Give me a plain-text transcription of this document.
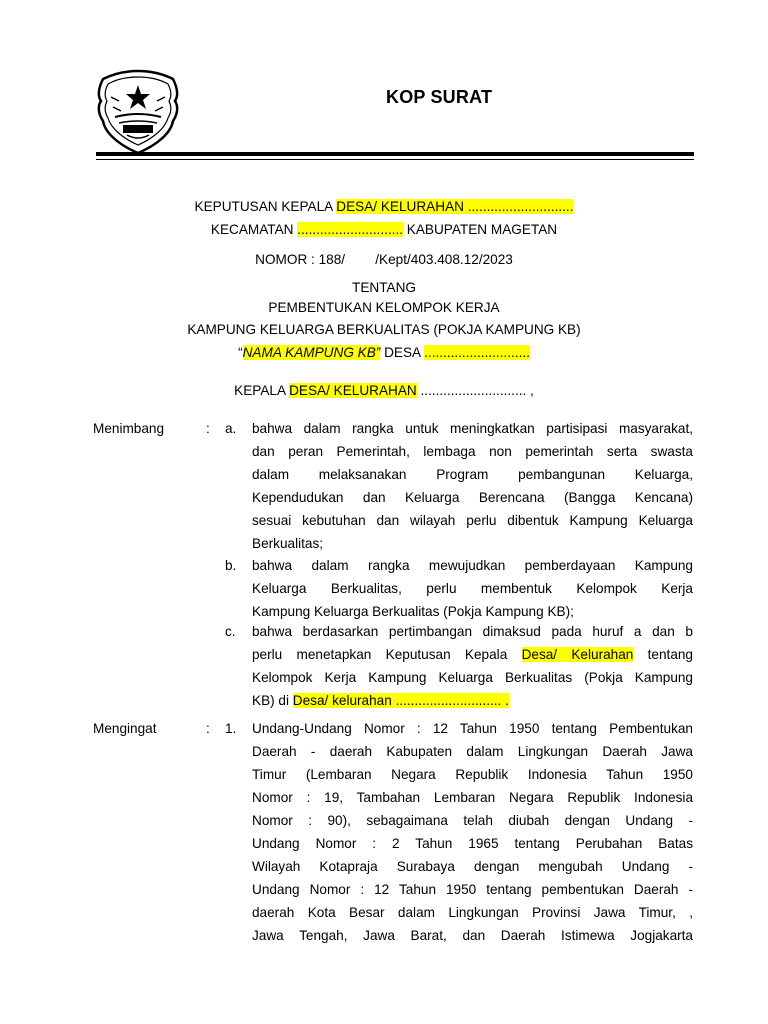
KOP SURAT
KEPUTUSAN KEPALA DESA/ KELURAHAN ............................
KECAMATAN ............................ KABUPATEN MAGETAN
NOMOR : 188/        /Kept/403.408.12/2023
TENTANG
PEMBENTUKAN KELOMPOK KERJA
KAMPUNG KELUARGA BERKUALITAS (POKJA KAMPUNG KB)
“NAMA KAMPUNG KB” DESA ............................
KEPALA DESA/ KELURAHAN ............................ ,
Menimbang	: a. bahwa dalam rangka untuk meningkatkan partisipasi masyarakat,
dan peran Pemerintah, lembaga non pemerintah serta swasta
dalam melaksanakan Program pembangunan Keluarga,
Kependudukan dan Keluarga Berencana (Bangga Kencana)
sesuai kebutuhan dan wilayah perlu dibentuk Kampung Keluarga
Berkualitas;
b. bahwa dalam rangka mewujudkan pemberdayaan Kampung
Keluarga Berkualitas, perlu membentuk Kelompok Kerja
Kampung Keluarga Berkualitas (Pokja Kampung KB);
c. bahwa berdasarkan pertimbangan dimaksud pada huruf a dan b
perlu menetapkan Keputusan Kepala Desa/ Kelurahan tentang
Kelompok Kerja Kampung Keluarga Berkualitas (Pokja Kampung
KB) di Desa/ kelurahan ............................ .
Mengingat	: 1. Undang-Undang Nomor : 12 Tahun 1950 tentang Pembentukan
Daerah - daerah Kabupaten dalam Lingkungan Daerah Jawa
Timur (Lembaran Negara Republik Indonesia Tahun 1950
Nomor : 19, Tambahan Lembaran Negara Republik Indonesia
Nomor : 90), sebagaimana telah diubah dengan Undang -
Undang Nomor : 2 Tahun 1965 tentang Perubahan Batas
Wilayah Kotapraja Surabaya dengan mengubah Undang -
Undang Nomor : 12 Tahun 1950 tentang pembentukan Daerah -
daerah Kota Besar dalam Lingkungan Provinsi Jawa Timur, ,
Jawa Tengah, Jawa Barat, dan Daerah Istimewa Jogjakarta
